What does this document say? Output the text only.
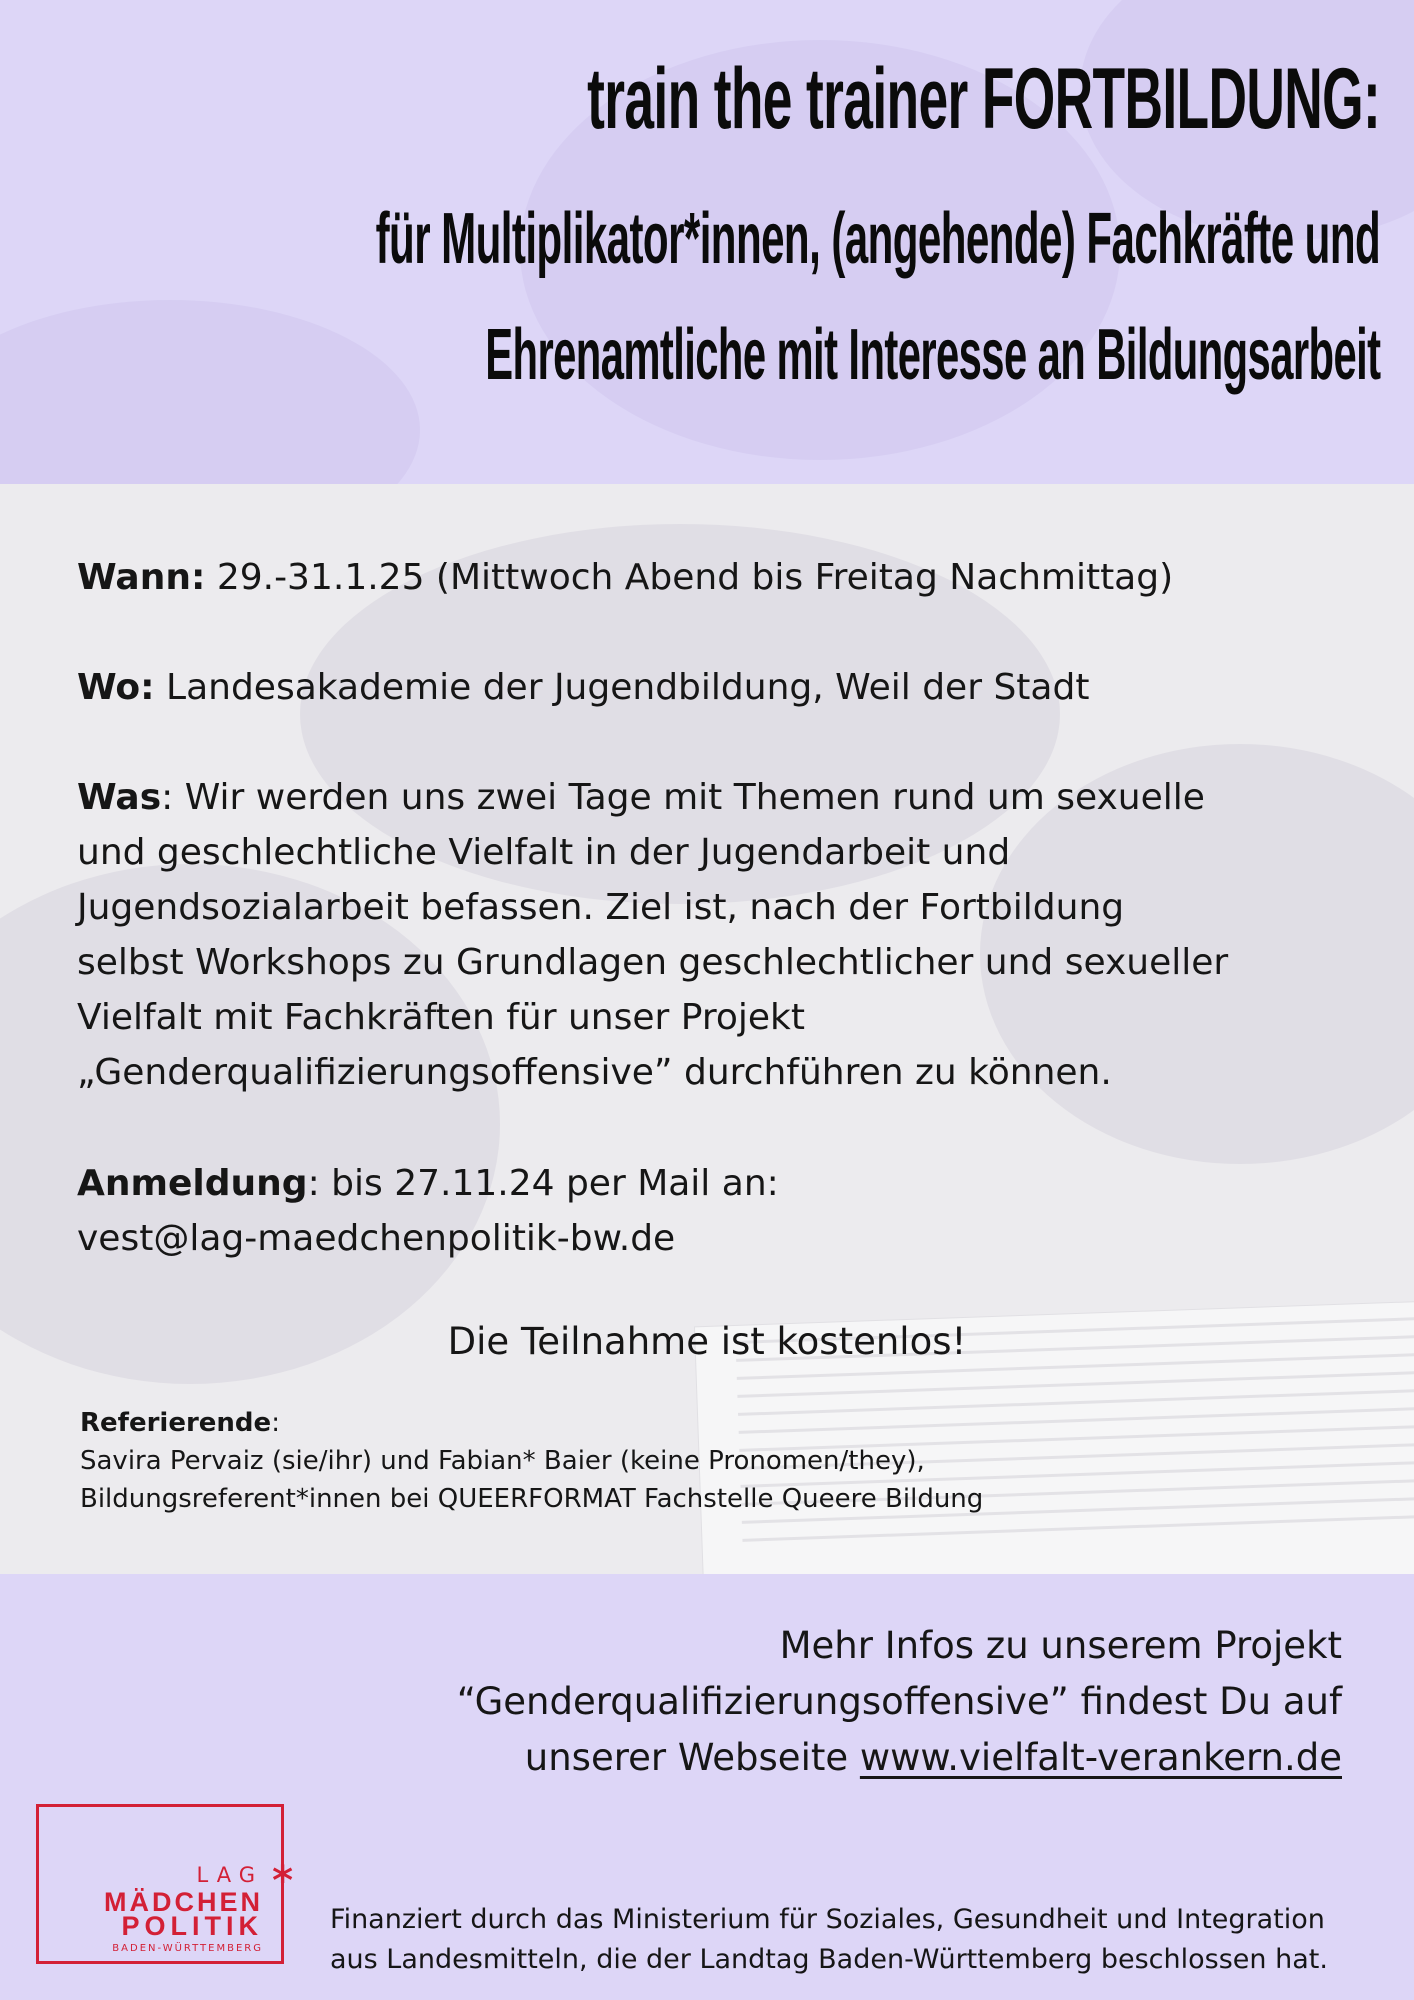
train the trainer FORTBILDUNG:
für Multiplikator*innen, (angehende) Fachkräfte und
Ehrenamtliche mit Interesse an Bildungsarbeit
Wann: 29.-31.1.25 (Mittwoch Abend bis Freitag Nachmittag)
Wo: Landesakademie der Jugendbildung, Weil der Stadt
Was: Wir werden uns zwei Tage mit Themen rund um sexuelle
und geschlechtliche Vielfalt in der Jugendarbeit und
Jugendsozialarbeit befassen. Ziel ist, nach der Fortbildung
selbst Workshops zu Grundlagen geschlechtlicher und sexueller
Vielfalt mit Fachkräften für unser Projekt
„Genderqualifizierungsoffensive” durchführen zu können.
Anmeldung: bis 27.11.24 per Mail an:
vest@lag-maedchenpolitik-bw.de
Die Teilnahme ist kostenlos!
Referierende:
Savira Pervaiz (sie/ihr) und Fabian* Baier (keine Pronomen/they),
Bildungsreferent*innen bei QUEERFORMAT Fachstelle Queere Bildung
Mehr Infos zu unserem Projekt
“Genderqualifizierungsoffensive” findest Du auf
unserer Webseite www.vielfalt-verankern.de
LAG *
MÄDCHEN
POLITIK
BADEN-WÜRTTEMBERG
Finanziert durch das Ministerium für Soziales, Gesundheit und Integration
aus Landesmitteln, die der Landtag Baden-Württemberg beschlossen hat.
